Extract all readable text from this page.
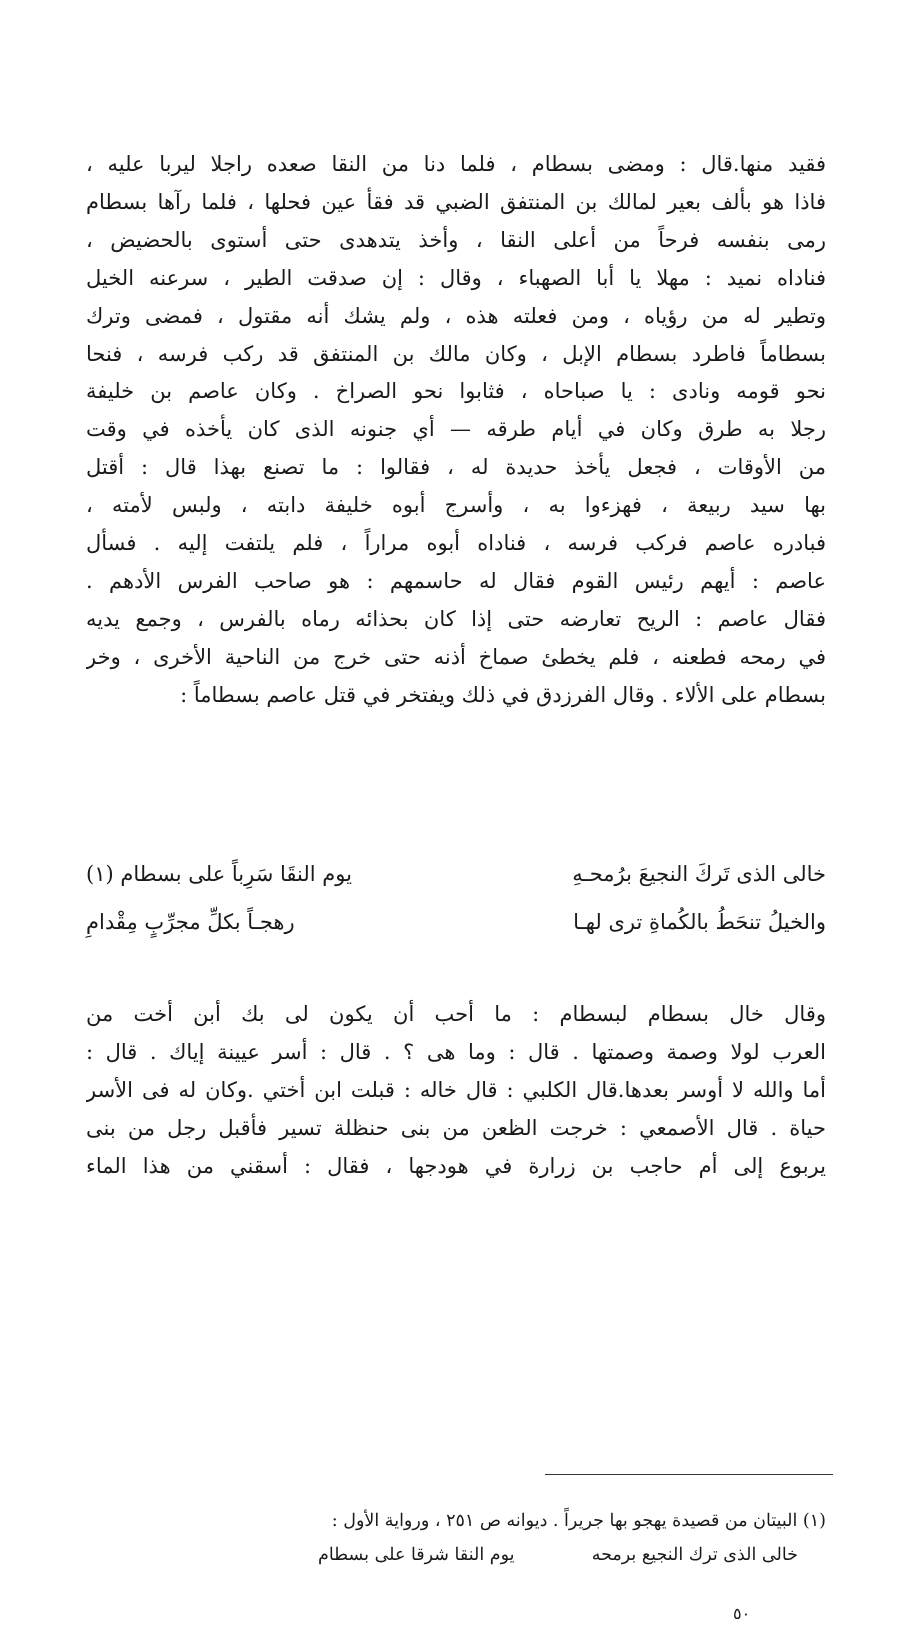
فقيد منها.قال : ومضى بسطام ، فلما دنا من النقا صعده راجلا ليربا عليه ،
فاذا هو بألف بعير لمالك بن المنتفق الضبي قد فقأ عين فحلها ، فلما رآها بسطام
رمى بنفسه فرحاً من أعلى النقا ، وأخذ يتدهدى حتى أستوى بالحضيض ،
فناداه نميد : مهلا يا أبا الصهباء ، وقال : إن صدقت الطير ، سرعنه الخيل
وتطير له من رؤياه ، ومن فعلته هذه ، ولم يشك أنه مقتول ، فمضى وترك
بسطاماً فاطرد بسطام الإبل ، وكان مالك بن المنتفق قد ركب فرسه ، فنحا
نحو قومه ونادى : يا صباحاه ، فثابوا نحو الصراخ . وكان عاصم بن خليفة
رجلا به طرق وكان في أيام طرقه — أي جنونه الذى كان يأخذه في وقت
من الأوقات ، فجعل يأخذ حديدة له ، فقالوا : ما تصنع بهذا قال : أقتل
بها سيد ربيعة ، فهزءوا به ، وأسرج أبوه خليفة دابته ، ولبس لأمته ،
فبادره عاصم فركب فرسه ، فناداه أبوه مراراً ، فلم يلتفت إليه . فسأل
عاصم : أيهم رئيس القوم فقال له حاسمهم : هو صاحب الفرس الأدهم .
فقال عاصم : الريح تعارضه حتى إذا كان بحذائه رماه بالفرس ، وجمع يديه
في رمحه فطعنه ، فلم يخطئ صماخ أذنه حتى خرج من الناحية الأخرى ، وخر
بسطام على الألاء . وقال الفرزدق في ذلك ويفتخر في قتل عاصم بسطاماً :
خالى الذى تَركَ النجيعَ برُمحـهِ
يوم النقَا سَرِباً على بسطام (١)
والخيلُ تنحَطُ بالكُماةِ ترى لهـا
رهجـاً بكلِّ مجرِّبٍ مِقْدامِ
وقال خال بسطام لبسطام : ما أحب أن يكون لى بك أبن أخت من
العرب لولا وصمة وصمتها . قال : وما هى ؟ . قال : أسر عيينة إياك . قال :
أما والله لا أوسر بعدها.قال الكلبي : قال خاله : قبلت ابن أختي .وكان له فى الأسر
حياة . قال الأصمعي : خرجت الظعن من بنى حنظلة تسير فأقبل رجل من بنى
يربوع إلى أم حاجب بن زرارة في هودجها ، فقال : أسقني من هذا الماء
(١) البيتان من قصيدة يهجو بها جريراً . ديوانه ص ٢٥١ ، ورواية الأول :
خالى الذى ترك النجيع برمحه
يوم النقا شرقا على بسطام
٥٠
